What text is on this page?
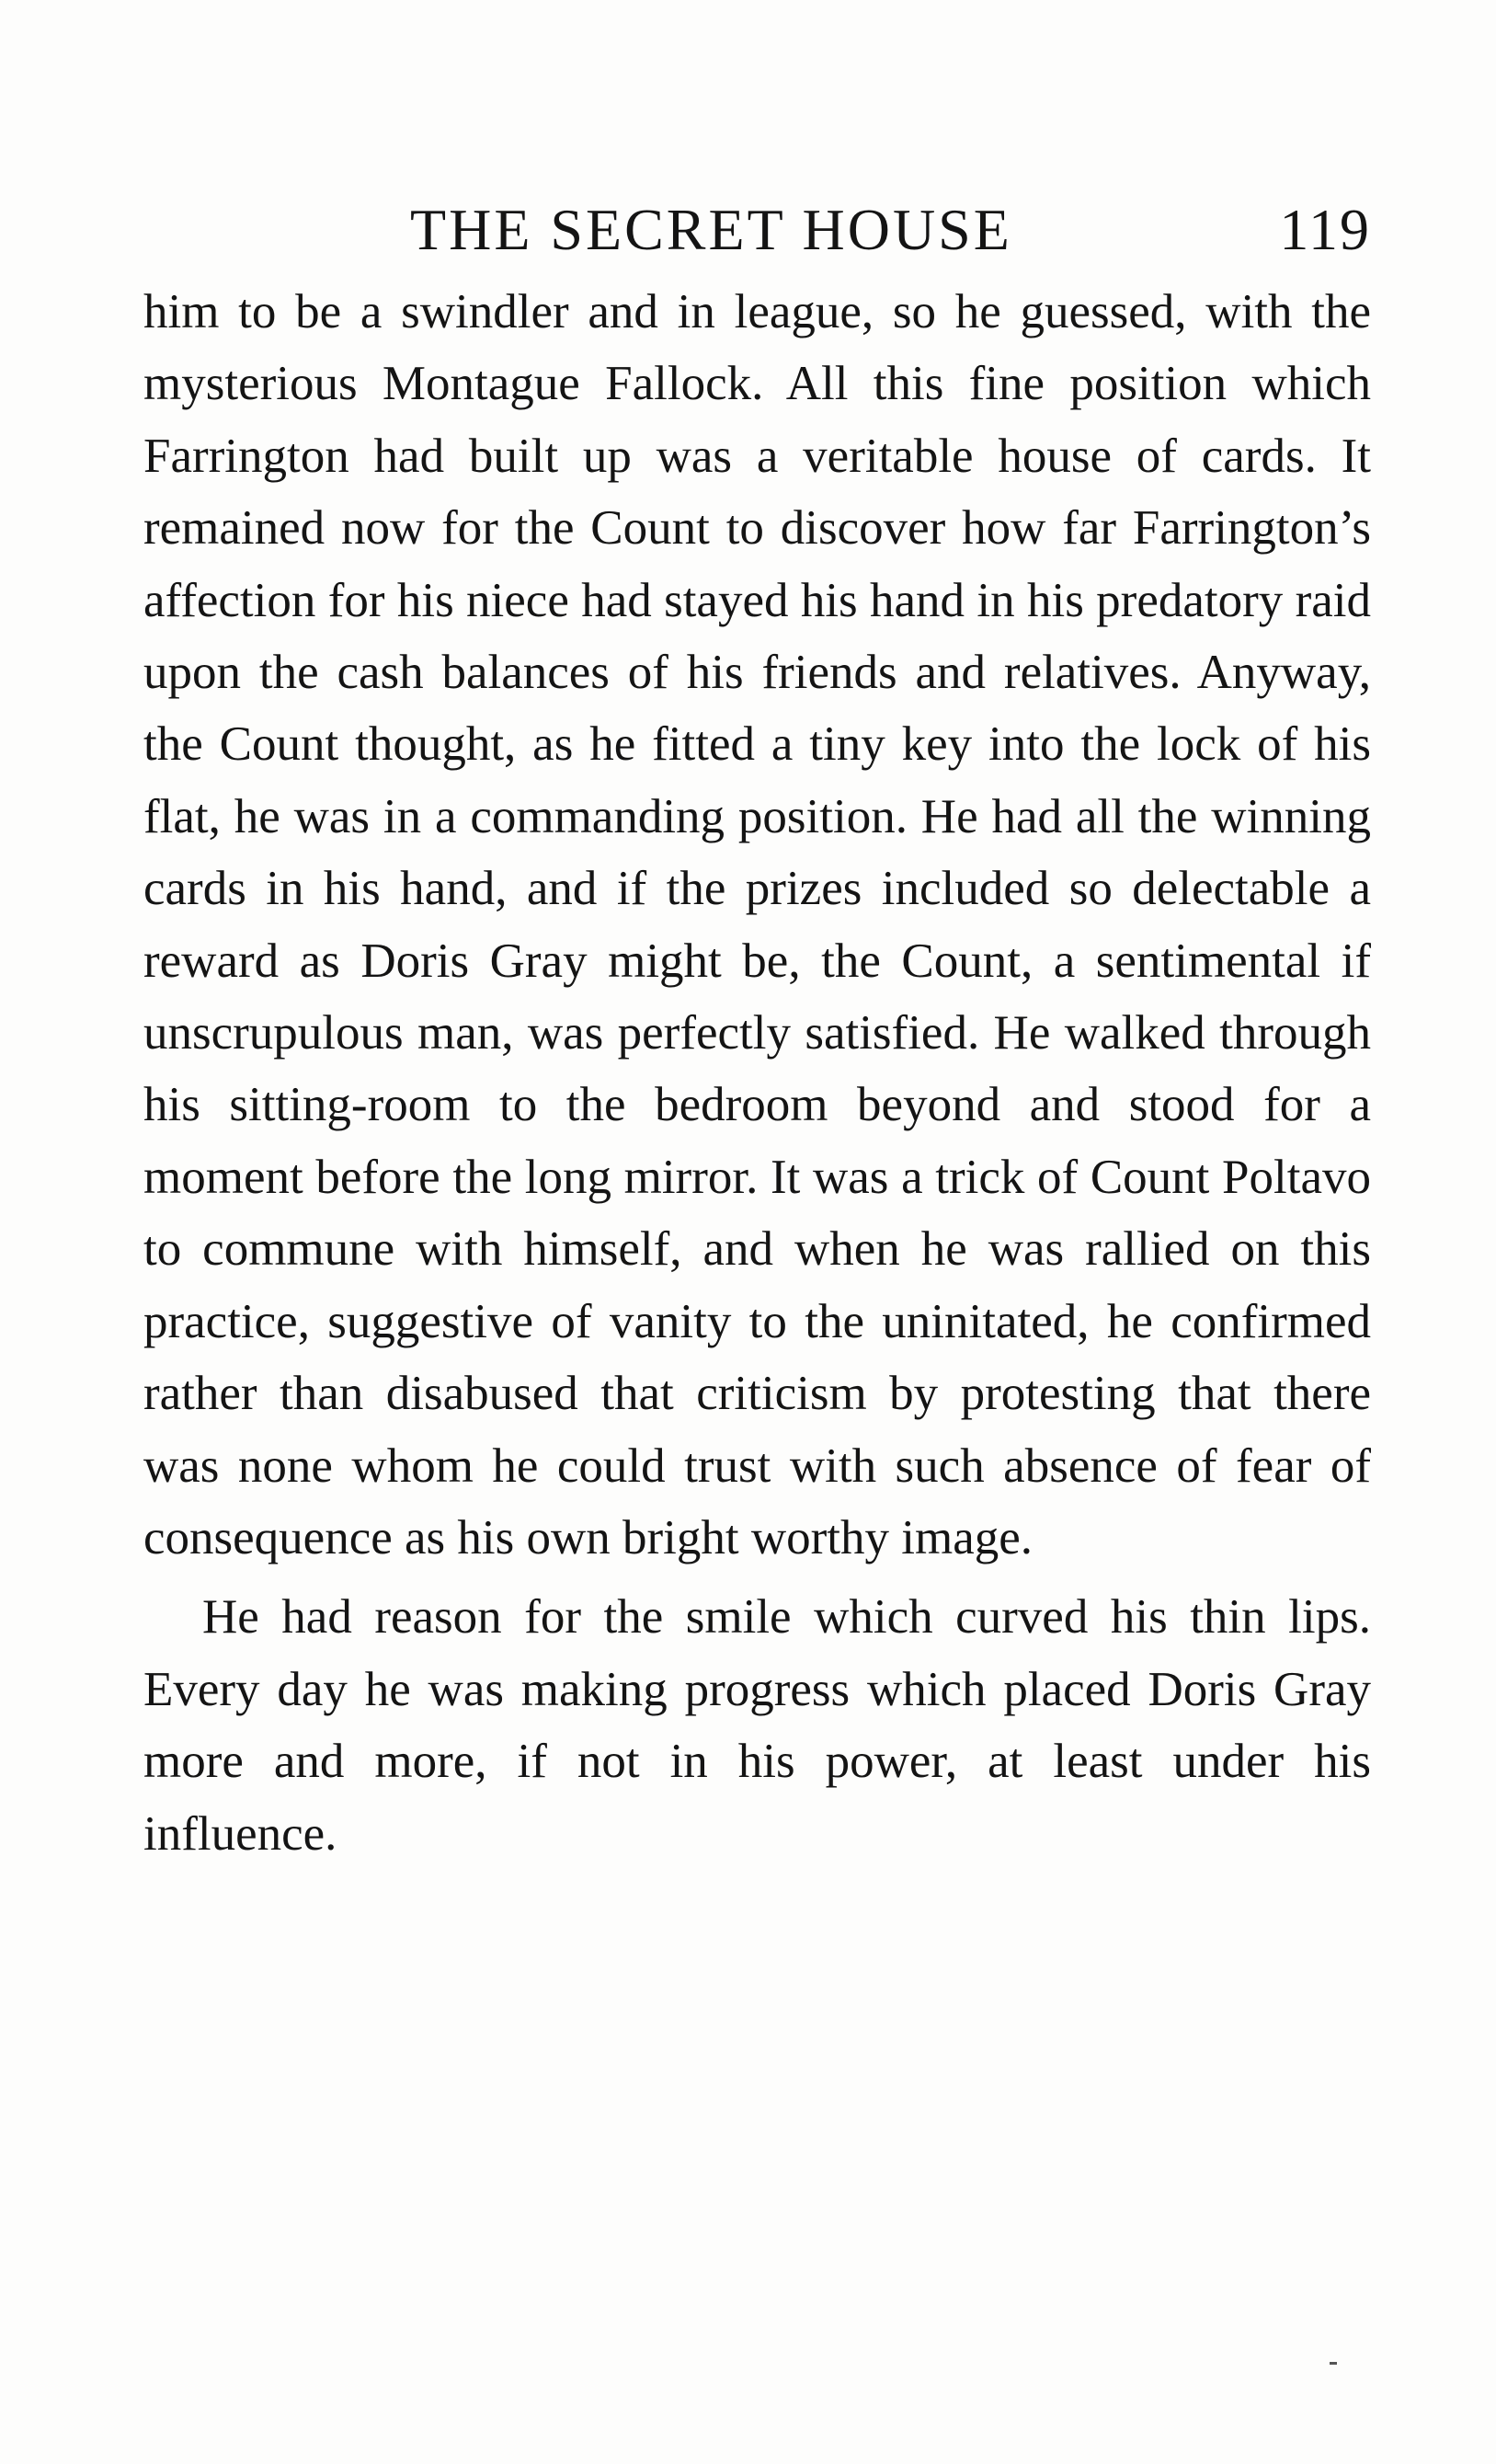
THE SECRET HOUSE	119

him to be a swindler and in league, so he guessed, with the mysterious Montague Fallock. All this fine position which Farrington had built up was a veritable house of cards. It remained now for the Count to discover how far Farrington’s affection for his niece had stayed his hand in his predatory raid upon the cash balances of his friends and relatives. Anyway, the Count thought, as he fitted a tiny key into the lock of his flat, he was in a commanding position. He had all the winning cards in his hand, and if the prizes included so delectable a reward as Doris Gray might be, the Count, a sentimental if unscrupulous man, was perfectly satisfied. He walked through his sitting-room to the bedroom beyond and stood for a moment before the long mirror. It was a trick of Count Poltavo to commune with himself, and when he was rallied on this practice, suggestive of vanity to the uninitated, he confirmed rather than disabused that criticism by protesting that there was none whom he could trust with such absence of fear of consequence as his own bright worthy image.

He had reason for the smile which curved his thin lips. Every day he was making progress which placed Doris Gray more and more, if not in his power, at least under his influence.
